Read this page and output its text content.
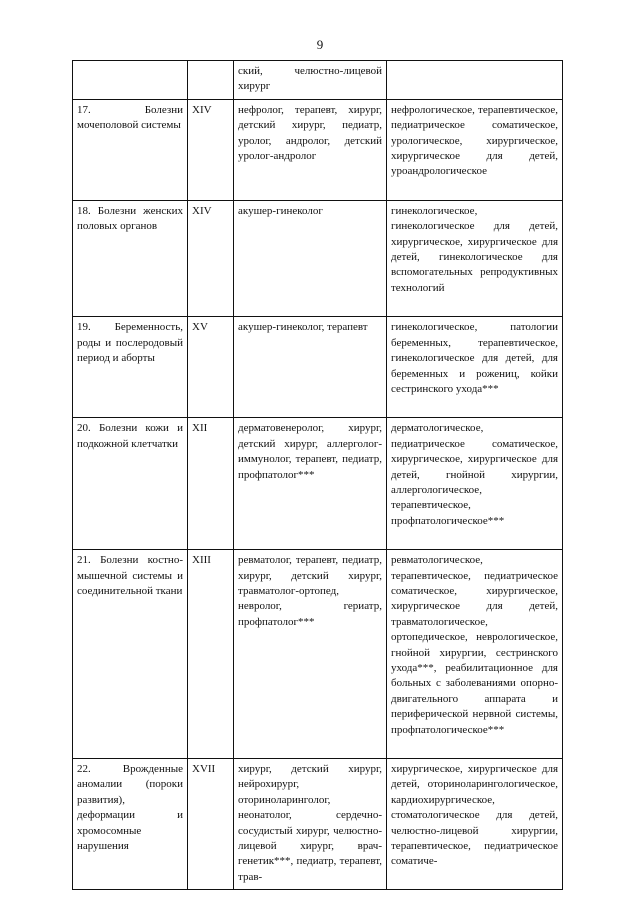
9
		ский, челюстно-лицевой хирург	
17. Болезни мочеполовой системы	XIV	нефролог, терапевт, хирург, детский хирург, педиатр, уролог, андролог, детский уролог-андролог	нефрологическое, терапевтическое, педиатрическое соматическое, урологическое, хирургическое, хирургическое для детей, уроандрологическое

18. Болезни женских половых органов	XIV	акушер-гинеколог	гинекологическое, гинекологическое для детей, хирургическое, хирургическое для детей, гинекологическое для вспомогательных репродуктивных технологий

19. Беременность, роды и послеродовый период и аборты	XV	акушер-гинеколог, терапевт	гинекологическое, патологии беременных, терапевтическое, гинекологическое для детей, для беременных и рожениц, койки сестринского ухода***

20. Болезни кожи и подкожной клетчатки	XII	дерматовенеролог, хирург, детский хирург, аллерголог-иммунолог, терапевт, педиатр, профпатолог***	дерматологическое, педиатрическое соматическое, хирургическое, хирургическое для детей, гнойной хирургии, аллергологическое, терапевтическое, профпатологическое***

21. Болезни костно-мышечной системы и соединительной ткани	XIII	ревматолог, терапевт, педиатр, хирург, детский хирург, травматолог-ортопед, невролог, гериатр, профпатолог***	ревматологическое, терапевтическое, педиатрическое соматическое, хирургическое, хирургическое для детей, травматологическое, ортопедическое, неврологическое, гнойной хирургии, сестринского ухода***, реабилитационное для больных с заболеваниями опорно-двигательного аппарата и периферической нервной системы, профпатологическое***

22. Врожденные аномалии (пороки развития), деформации и хромосомные нарушения	XVII	хирург, детский хирург, нейрохирург, оториноларинголог, неонатолог, сердечно-сосудистый хирург, челюстно-лицевой хирург, врач-генетик***, педиатр, терапевт, трав-	хирургическое, хирургическое для детей, оториноларингологическое, кардиохирургическое, стоматологическое для детей, челюстно-лицевой хирургии, терапевтическое, педиатрическое соматиче-
